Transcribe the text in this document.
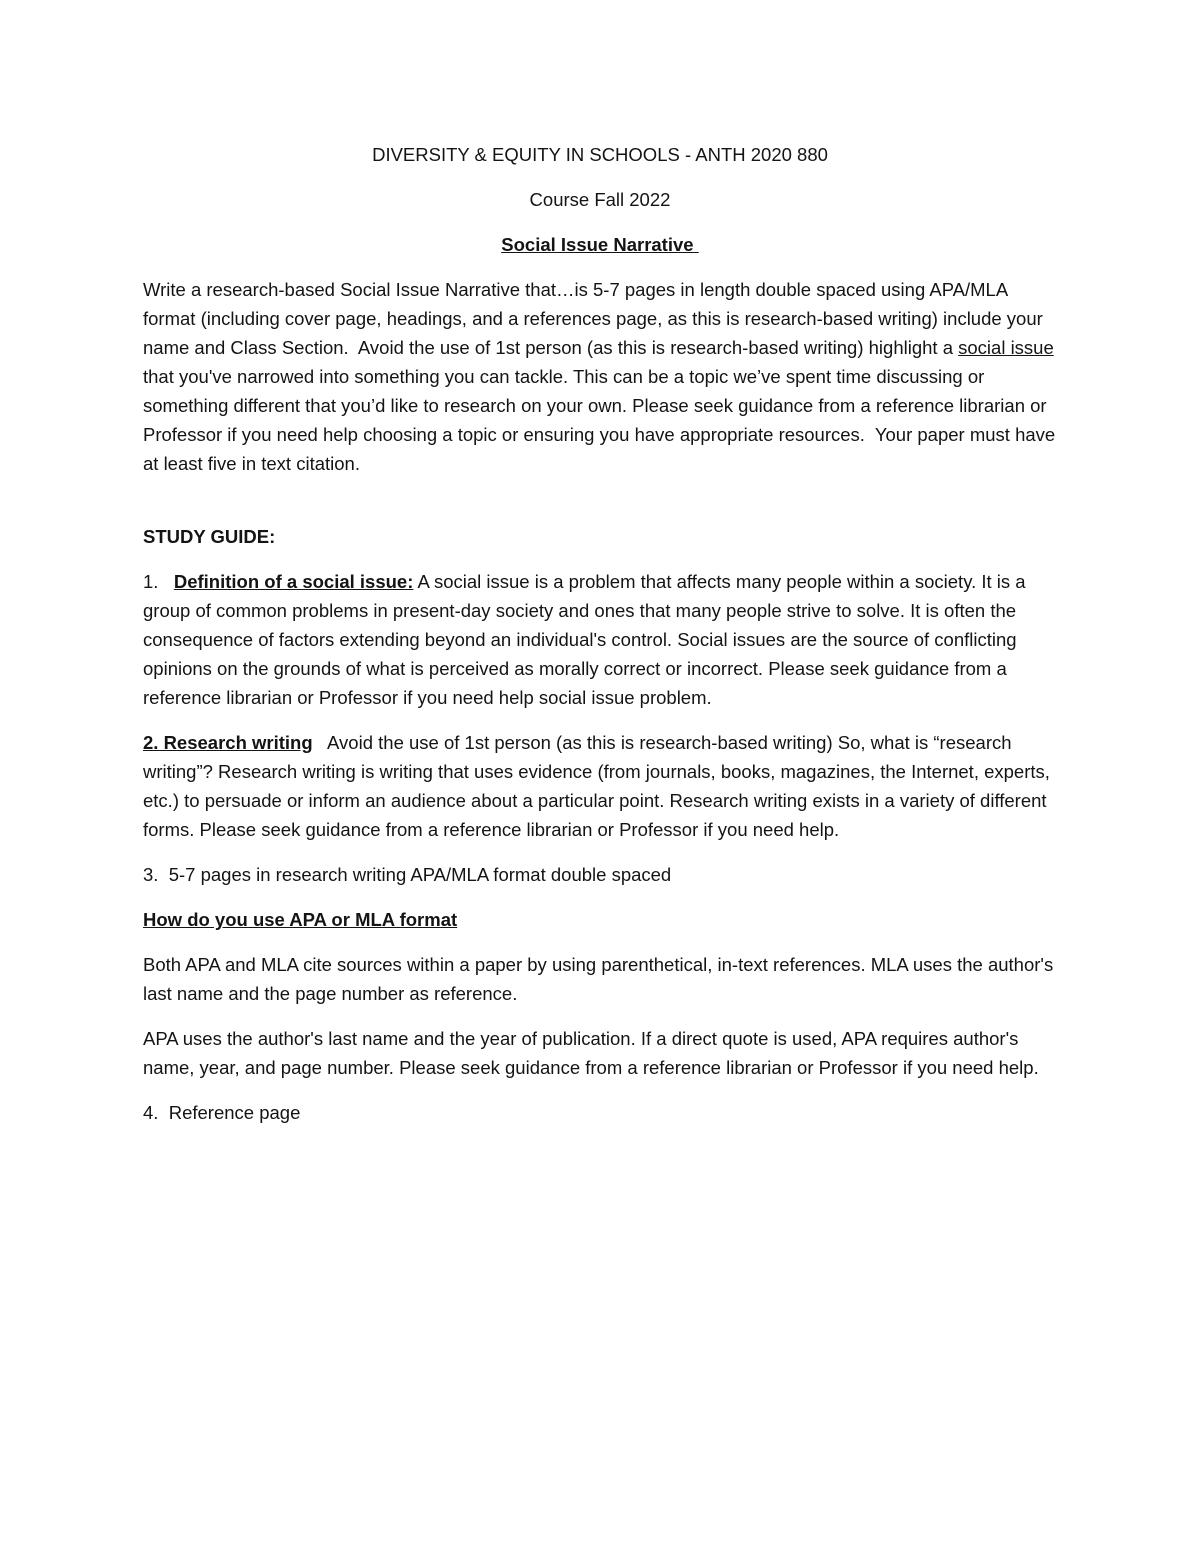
DIVERSITY & EQUITY IN SCHOOLS - ANTH 2020 880

Course Fall 2022

Social Issue Narrative

Write a research-based Social Issue Narrative that…is 5-7 pages in length double spaced using APA/MLA format (including cover page, headings, and a references page, as this is research-based writing) include your name and Class Section.  Avoid the use of 1st person (as this is research-based writing) highlight a social issue that you've narrowed into something you can tackle. This can be a topic we’ve spent time discussing or something different that you’d like to research on your own. Please seek guidance from a reference librarian or Professor if you need help choosing a topic or ensuring you have appropriate resources.  Your paper must have at least five in text citation.

STUDY GUIDE:

1.   Definition of a social issue: A social issue is a problem that affects many people within a society. It is a group of common problems in present-day society and ones that many people strive to solve. It is often the consequence of factors extending beyond an individual's control. Social issues are the source of conflicting opinions on the grounds of what is perceived as morally correct or incorrect. Please seek guidance from a reference librarian or Professor if you need help social issue problem.

2. Research writing   Avoid the use of 1st person (as this is research-based writing) So, what is “research writing”? Research writing is writing that uses evidence (from journals, books, magazines, the Internet, experts, etc.) to persuade or inform an audience about a particular point. Research writing exists in a variety of different forms. Please seek guidance from a reference librarian or Professor if you need help.

3.  5-7 pages in research writing APA/MLA format double spaced

How do you use APA or MLA format

Both APA and MLA cite sources within a paper by using parenthetical, in-text references. MLA uses the author's last name and the page number as reference.

APA uses the author's last name and the year of publication. If a direct quote is used, APA requires author's name, year, and page number. Please seek guidance from a reference librarian or Professor if you need help.

4.  Reference page
